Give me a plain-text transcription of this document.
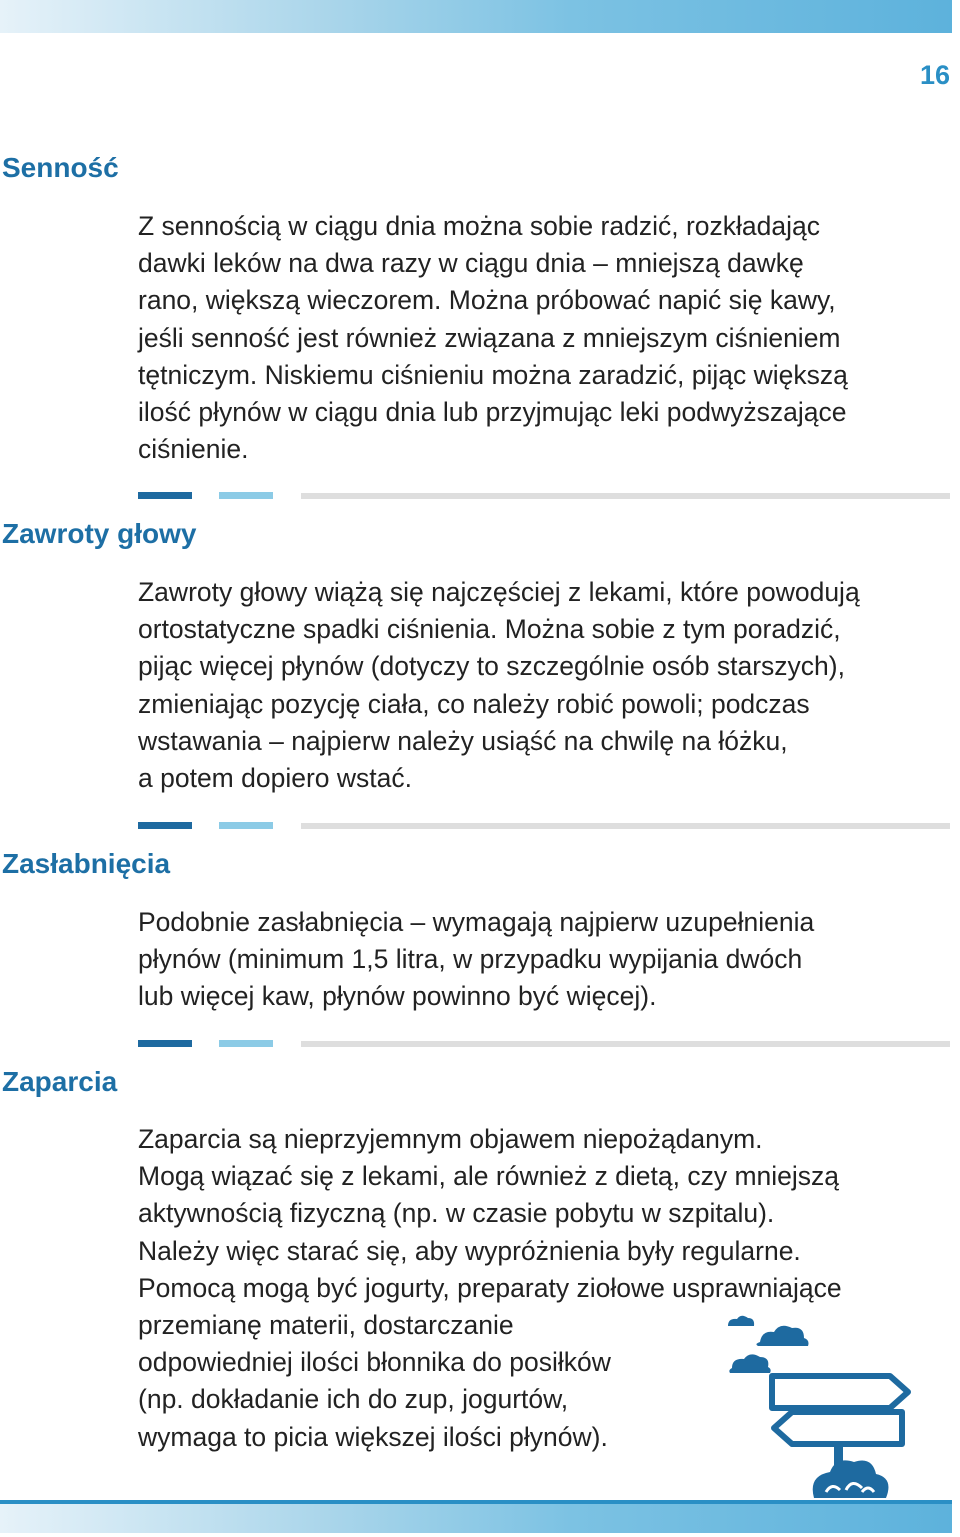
16
Senność

Z sennością w ciągu dnia można sobie radzić, rozkładając
dawki leków na dwa razy w ciągu dnia – mniejszą dawkę
rano, większą wieczorem. Można próbować napić się kawy,
jeśli senność jest również związana z mniejszym ciśnieniem
tętniczym. Niskiemu ciśnieniu można zaradzić, pijąc większą
ilość płynów w ciągu dnia lub przyjmując leki podwyższające
ciśnienie.

Zawroty głowy

Zawroty głowy wiążą się najczęściej z lekami, które powodują
ortostatyczne spadki ciśnienia. Można sobie z tym poradzić,
pijąc więcej płynów (dotyczy to szczególnie osób starszych),
zmieniając pozycję ciała, co należy robić powoli; podczas
wstawania – najpierw należy usiąść na chwilę na łóżku,
a potem dopiero wstać.

Zasłabnięcia

Podobnie zasłabnięcia – wymagają najpierw uzupełnienia
płynów (minimum 1,5 litra, w przypadku wypijania dwóch
lub więcej kaw, płynów powinno być więcej).

Zaparcia

Zaparcia są nieprzyjemnym objawem niepożądanym.
Mogą wiązać się z lekami, ale również z dietą, czy mniejszą
aktywnością fizyczną (np. w czasie pobytu w szpitalu).
Należy więc starać się, aby wypróżnienia były regularne.
Pomocą mogą być jogurty, preparaty ziołowe usprawniające
przemianę materii, dostarczanie
odpowiedniej ilości błonnika do posiłków
(np. dokładanie ich do zup, jogurtów,
wymaga to picia większej ilości płynów).
